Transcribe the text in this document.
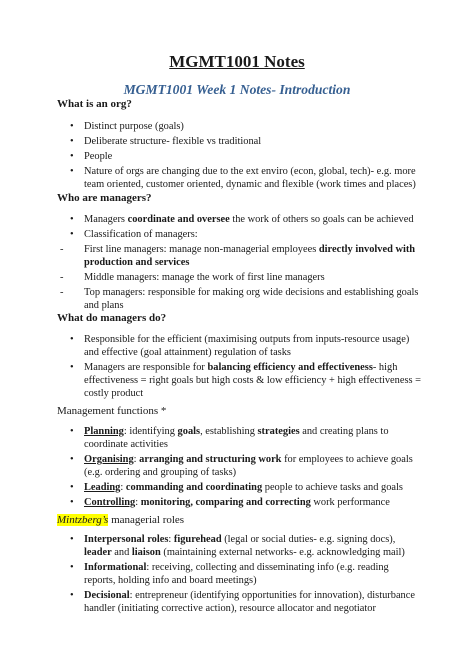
MGMT1001 Notes
MGMT1001 Week 1 Notes- Introduction

What is an org?

• Distinct purpose (goals)
• Deliberate structure- flexible vs traditional
• People
• Nature of orgs are changing due to the ext enviro (econ, global, tech)- e.g. more team oriented, customer oriented, dynamic and flexible (work times and places)

Who are managers?

• Managers coordinate and oversee the work of others so goals can be achieved
• Classification of managers:
- First line managers: manage non-managerial employees directly involved with production and services
- Middle managers: manage the work of first line managers
- Top managers: responsible for making org wide decisions and establishing goals and plans

What do managers do?

• Responsible for the efficient (maximising outputs from inputs-resource usage) and effective (goal attainment) regulation of tasks
• Managers are responsible for balancing efficiency and effectiveness- high effectiveness = right goals but high costs & low efficiency + high effectiveness = costly product

Management functions *

• Planning: identifying goals, establishing strategies and creating plans to coordinate activities
• Organising: arranging and structuring work for employees to achieve goals (e.g. ordering and grouping of tasks)
• Leading: commanding and coordinating people to achieve tasks and goals
• Controlling: monitoring, comparing and correcting work performance

Mintzberg’s managerial roles

• Interpersonal roles: figurehead (legal or social duties- e.g. signing docs), leader and liaison (maintaining external networks- e.g. acknowledging mail)
• Informational: receiving, collecting and disseminating info (e.g. reading reports, holding info and board meetings)
• Decisional: entrepreneur (identifying opportunities for innovation), disturbance handler (initiating corrective action), resource allocator and negotiator
